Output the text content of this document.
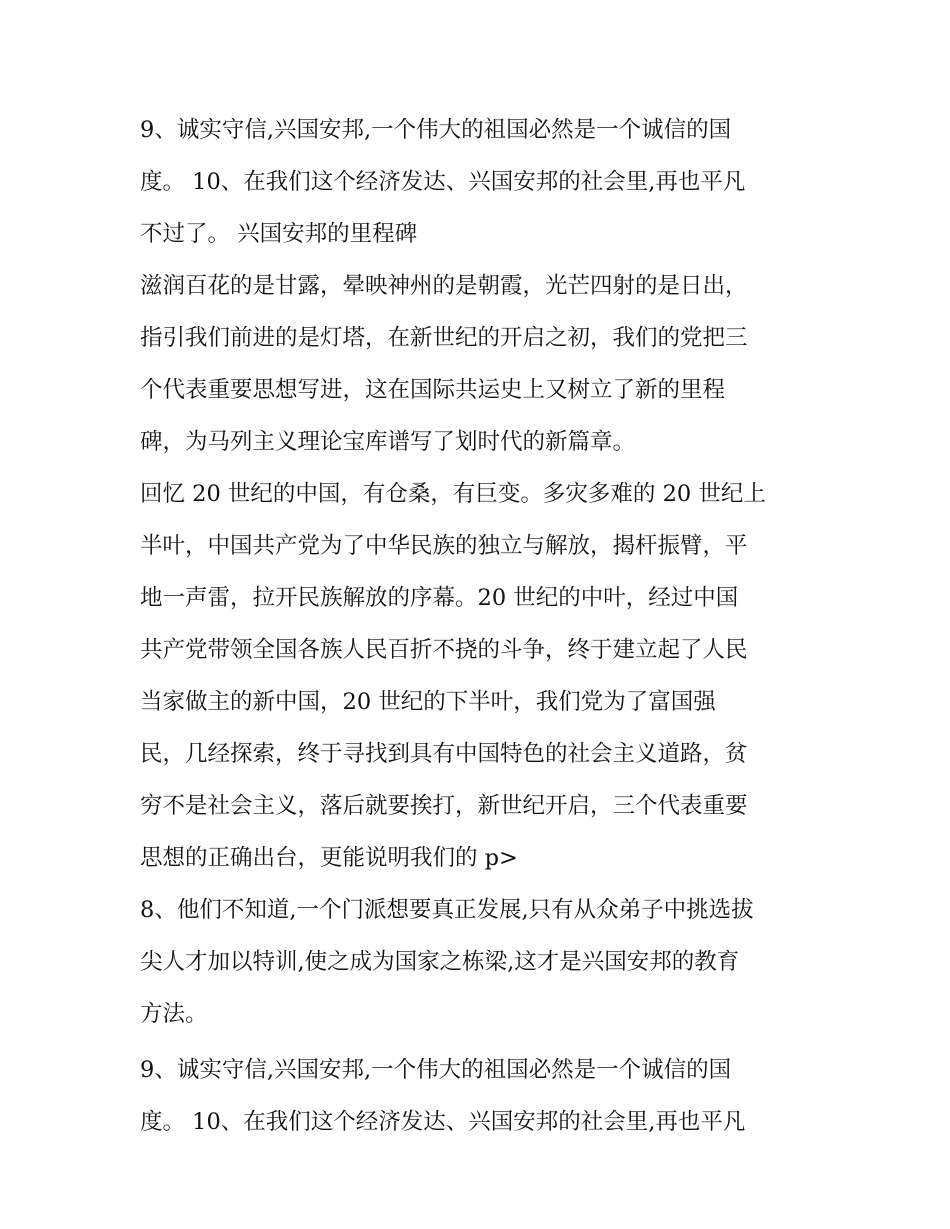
9、诚实守信,兴国安邦,一个伟大的祖国必然是一个诚信的国
度。 10、在我们这个经济发达、兴国安邦的社会里,再也平凡
不过了。 兴国安邦的里程碑

滋润百花的是甘露，晕映神州的是朝霞，光芒四射的是日出，
指引我们前进的是灯塔，在新世纪的开启之初，我们的党把三
个代表重要思想写进，这在国际共运史上又树立了新的里程
碑，为马列主义理论宝库谱写了划时代的新篇章。

回忆 20 世纪的中国，有仓桑，有巨变。多灾多难的 20 世纪上
半叶，中国共产党为了中华民族的独立与解放，揭杆振臂，平
地一声雷，拉开民族解放的序幕。20 世纪的中叶，经过中国
共产党带领全国各族人民百折不挠的斗争，终于建立起了人民
当家做主的新中国，20 世纪的下半叶，我们党为了富国强
民，几经探索，终于寻找到具有中国特色的社会主义道路，贫
穷不是社会主义，落后就要挨打，新世纪开启，三个代表重要
思想的正确出台，更能说明我们的 p>

8、他们不知道,一个门派想要真正发展,只有从众弟子中挑选拔
尖人才加以特训,使之成为国家之栋梁,这才是兴国安邦的教育
方法。

9、诚实守信,兴国安邦,一个伟大的祖国必然是一个诚信的国
度。 10、在我们这个经济发达、兴国安邦的社会里,再也平凡
